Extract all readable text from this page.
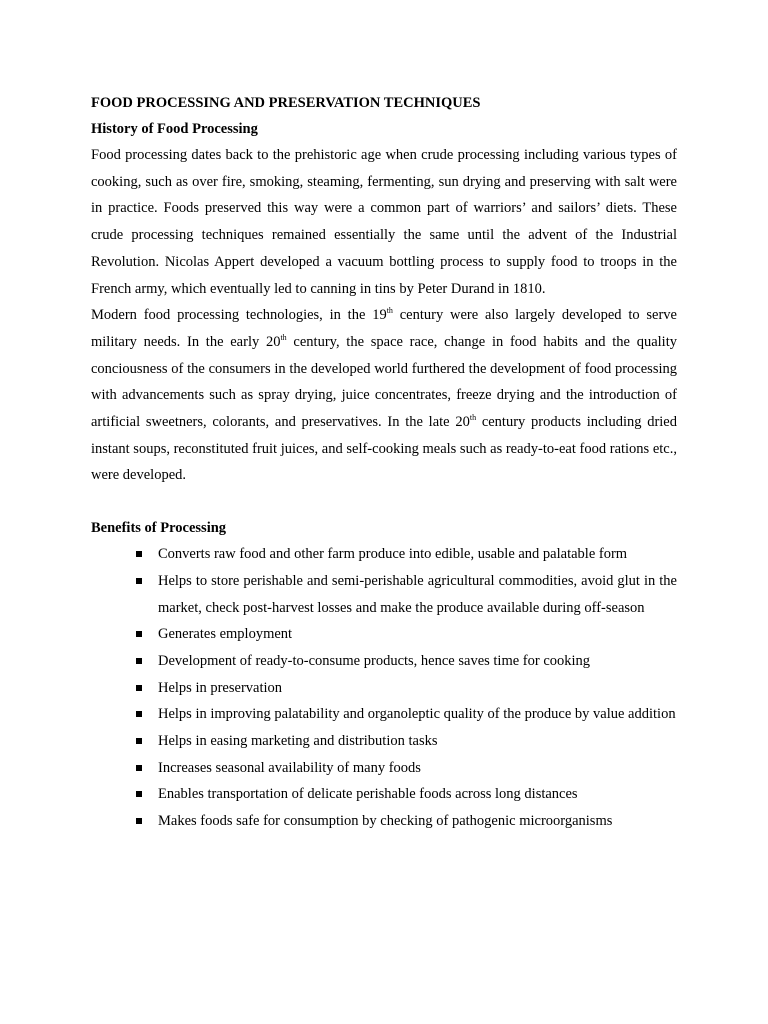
FOOD PROCESSING AND PRESERVATION TECHNIQUES

History of Food Processing

Food processing dates back to the prehistoric age when crude processing including various types of cooking, such as over fire, smoking, steaming, fermenting, sun drying and preserving with salt were in practice. Foods preserved this way were a common part of warriors’ and sailors’ diets. These crude processing techniques remained essentially the same until the advent of the Industrial Revolution. Nicolas Appert developed a vacuum bottling process to supply food to troops in the French army, which eventually led to canning in tins by Peter Durand in 1810.

Modern food processing technologies, in the 19th century were also largely developed to serve military needs. In the early 20th century, the space race, change in food habits and the quality conciousness of the consumers in the developed world furthered the development of food processing with advancements such as spray drying, juice concentrates, freeze drying and the introduction of artificial sweetners, colorants, and preservatives. In the late 20th century products including dried instant soups, reconstituted fruit juices, and self-cooking meals such as ready-to-eat food rations etc., were developed.

Benefits of Processing

Converts raw food and other farm produce into edible, usable and palatable form
Helps to store perishable and semi-perishable agricultural commodities, avoid glut in the market, check post-harvest losses and make the produce available during off-season
Generates employment
Development of ready-to-consume products, hence saves time for cooking
Helps in preservation
Helps in improving palatability and organoleptic quality of the produce by value addition
Helps in easing marketing and distribution tasks
Increases seasonal availability of many foods
Enables transportation of delicate perishable foods across long distances
Makes foods safe for consumption by checking of pathogenic microorganisms
